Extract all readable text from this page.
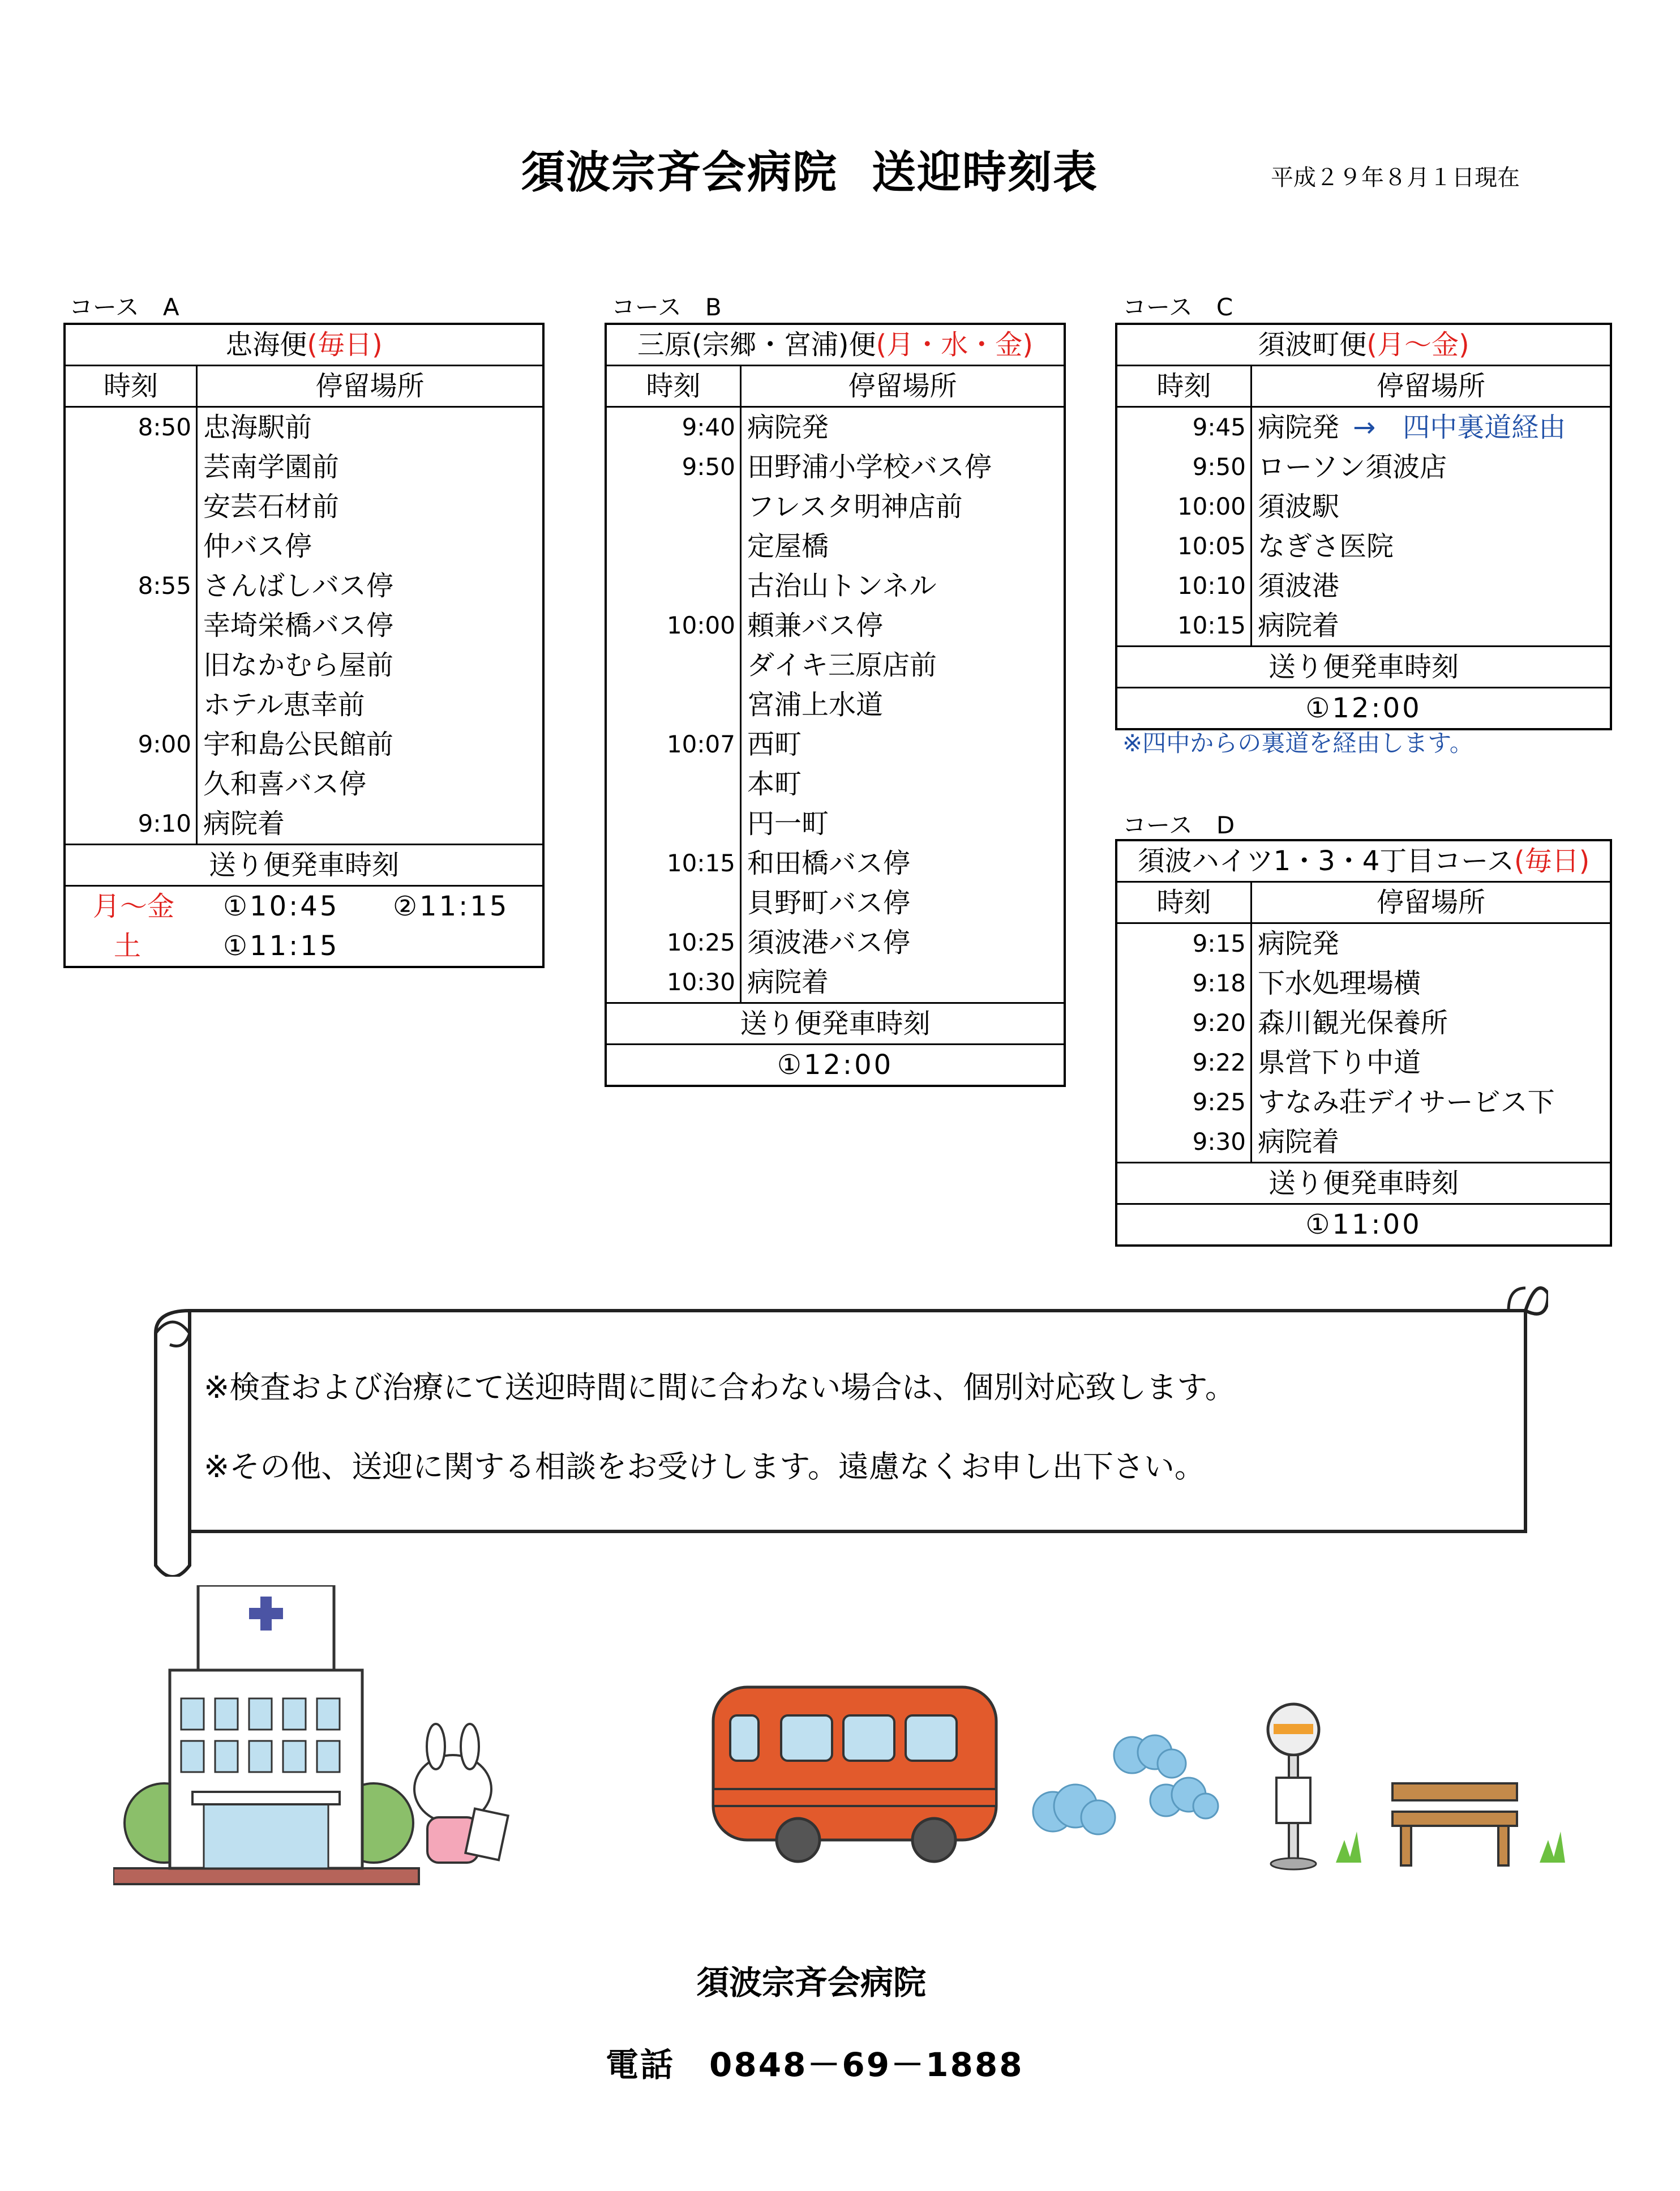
須波宗斉会病院 送迎時刻表	平成２９年８月１日現在
コース　A
忠海便(毎日)	
時刻	停留場所
8:50	忠海駅前
	芸南学園前
	安芸石材前
	仲バス停
8:55	さんばしバス停
	幸埼栄橋バス停
	旧なかむら屋前
	ホテル恵幸前
9:00	宇和島公民館前
	久和喜バス停
9:10	病院着
送り便発車時刻	
月～金 ①10:45 ②11:15	
土 ①11:15	
コース　B
三原(宗郷・宮浦)便(月・水・金)	
時刻	停留場所
9:40	病院発
9:50	田野浦小学校バス停
	フレスタ明神店前
	定屋橋
	古治山トンネル
10:00	頼兼バス停
	ダイキ三原店前
	宮浦上水道
10:07	西町
	本町
	円一町
10:15	和田橋バス停
	貝野町バス停
10:25	須波港バス停
10:30	病院着
送り便発車時刻	
①12:00	
コース　C
須波町便(月～金)	
時刻	停留場所
9:45	病院発 →　四中裏道経由
9:50	ローソン須波店
10:00	須波駅
10:05	なぎさ医院
10:10	須波港
10:15	病院着
送り便発車時刻	
①12:00	
※四中からの裏道を経由します。
コース　D
須波ハイツ1・3・4丁目コース(毎日)	
時刻	停留場所
9:15	病院発
9:18	下水処理場横
9:20	森川観光保養所
9:22	県営下り中道
9:25	すなみ荘デイサービス下
9:30	病院着
送り便発車時刻	
①11:00	
※検査および治療にて送迎時間に間に合わない場合は、個別対応致します。
※その他、送迎に関する相談をお受けします。遠慮なくお申し出下さい。
須波宗斉会病院
電話　0848－69－1888
